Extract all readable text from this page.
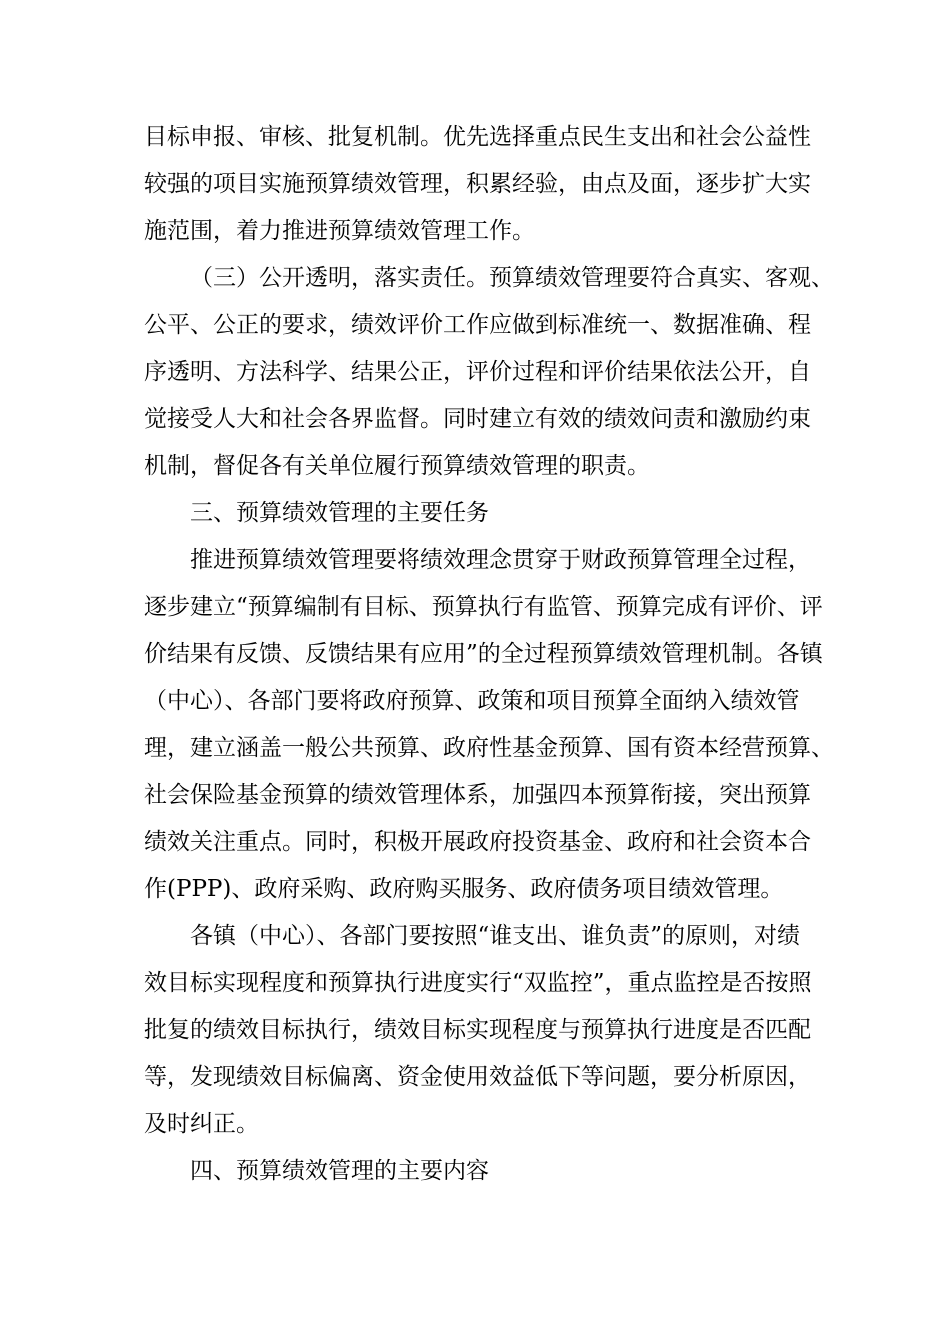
目标申报、审核、批复机制。优先选择重点民生支出和社会公益性
较强的项目实施预算绩效管理，积累经验，由点及面，逐步扩大实
施范围，着力推进预算绩效管理工作。
（三）公开透明，落实责任。预算绩效管理要符合真实、客观、
公平、公正的要求，绩效评价工作应做到标准统一、数据准确、程
序透明、方法科学、结果公正，评价过程和评价结果依法公开，自
觉接受人大和社会各界监督。同时建立有效的绩效问责和激励约束
机制，督促各有关单位履行预算绩效管理的职责。
三、预算绩效管理的主要任务
推进预算绩效管理要将绩效理念贯穿于财政预算管理全过程，
逐步建立“预算编制有目标、预算执行有监管、预算完成有评价、评
价结果有反馈、反馈结果有应用”的全过程预算绩效管理机制。各镇
（中心）、各部门要将政府预算、政策和项目预算全面纳入绩效管
理，建立涵盖一般公共预算、政府性基金预算、国有资本经营预算、
社会保险基金预算的绩效管理体系，加强四本预算衔接，突出预算
绩效关注重点。同时，积极开展政府投资基金、政府和社会资本合
作(PPP)、政府采购、政府购买服务、政府债务项目绩效管理。
各镇（中心）、各部门要按照“谁支出、谁负责”的原则，对绩
效目标实现程度和预算执行进度实行“双监控”，重点监控是否按照
批复的绩效目标执行，绩效目标实现程度与预算执行进度是否匹配
等，发现绩效目标偏离、资金使用效益低下等问题，要分析原因，
及时纠正。
四、预算绩效管理的主要内容
